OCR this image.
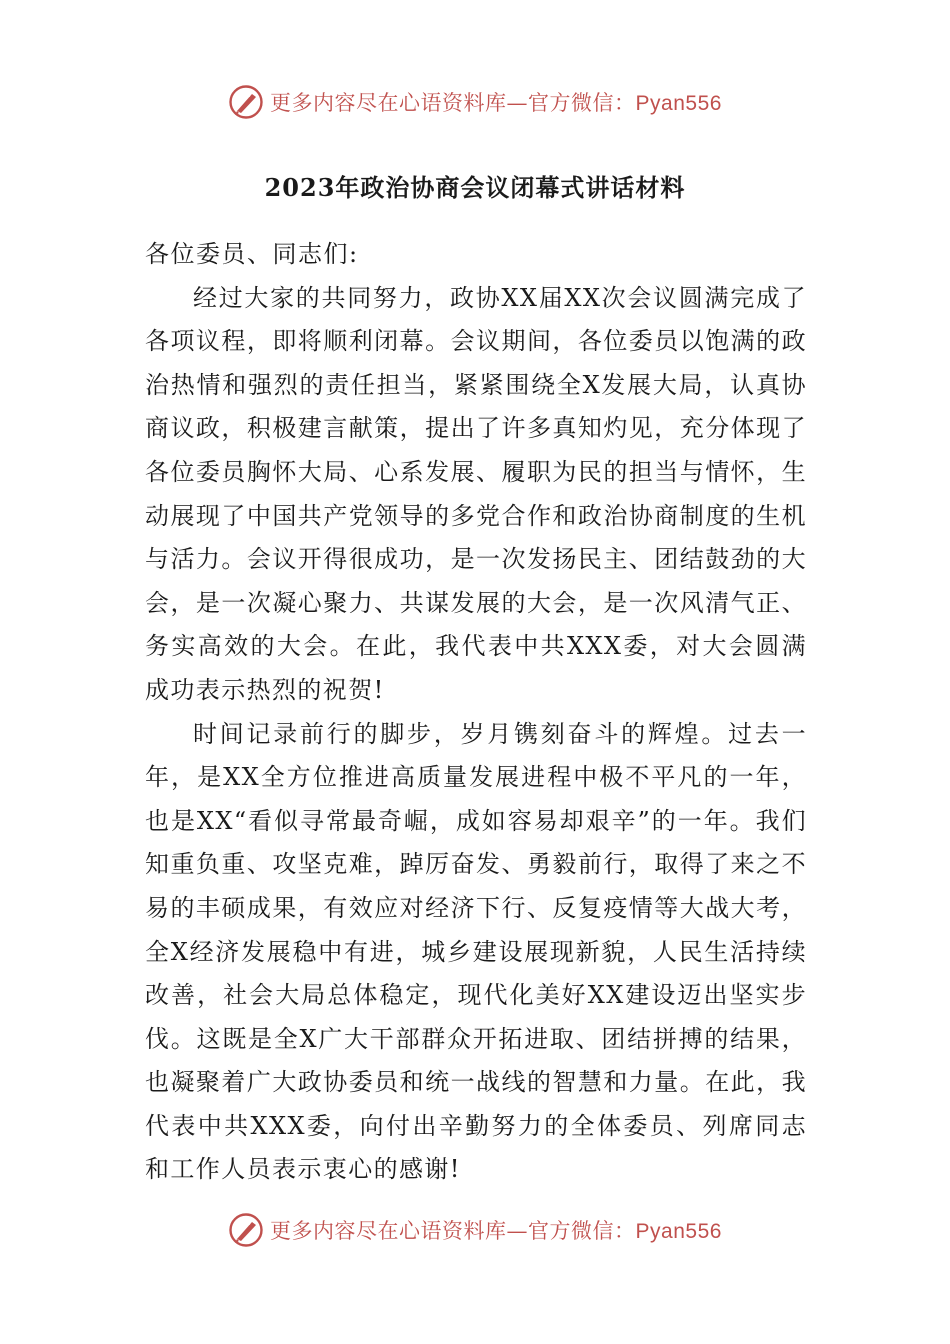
更多内容尽在心语资料库—官方微信：Pyan556
2023年政治协商会议闭幕式讲话材料

各位委员、同志们:

经过大家的共同努力，政协XX届XX次会议圆满完成了各项议程，即将顺利闭幕。会议期间，各位委员以饱满的政治热情和强烈的责任担当，紧紧围绕全X发展大局，认真协商议政，积极建言献策，提出了许多真知灼见，充分体现了各位委员胸怀大局、心系发展、履职为民的担当与情怀，生动展现了中国共产党领导的多党合作和政治协商制度的生机与活力。会议开得很成功，是一次发扬民主、团结鼓劲的大会，是一次凝心聚力、共谋发展的大会，是一次风清气正、务实高效的大会。在此，我代表中共XXX委，对大会圆满成功表示热烈的祝贺!

时间记录前行的脚步，岁月镌刻奋斗的辉煌。过去一年，是XX全方位推进高质量发展进程中极不平凡的一年，也是XX“看似寻常最奇崛，成如容易却艰辛”的一年。我们知重负重、攻坚克难，踔厉奋发、勇毅前行，取得了来之不易的丰硕成果，有效应对经济下行、反复疫情等大战大考，全X经济发展稳中有进，城乡建设展现新貌，人民生活持续改善，社会大局总体稳定，现代化美好XX建设迈出坚实步伐。这既是全X广大干部群众开拓进取、团结拼搏的结果，也凝聚着广大政协委员和统一战线的智慧和力量。在此，我代表中共XXX委，向付出辛勤努力的全体委员、列席同志和工作人员表示衷心的感谢!

更多内容尽在心语资料库—官方微信：Pyan556
